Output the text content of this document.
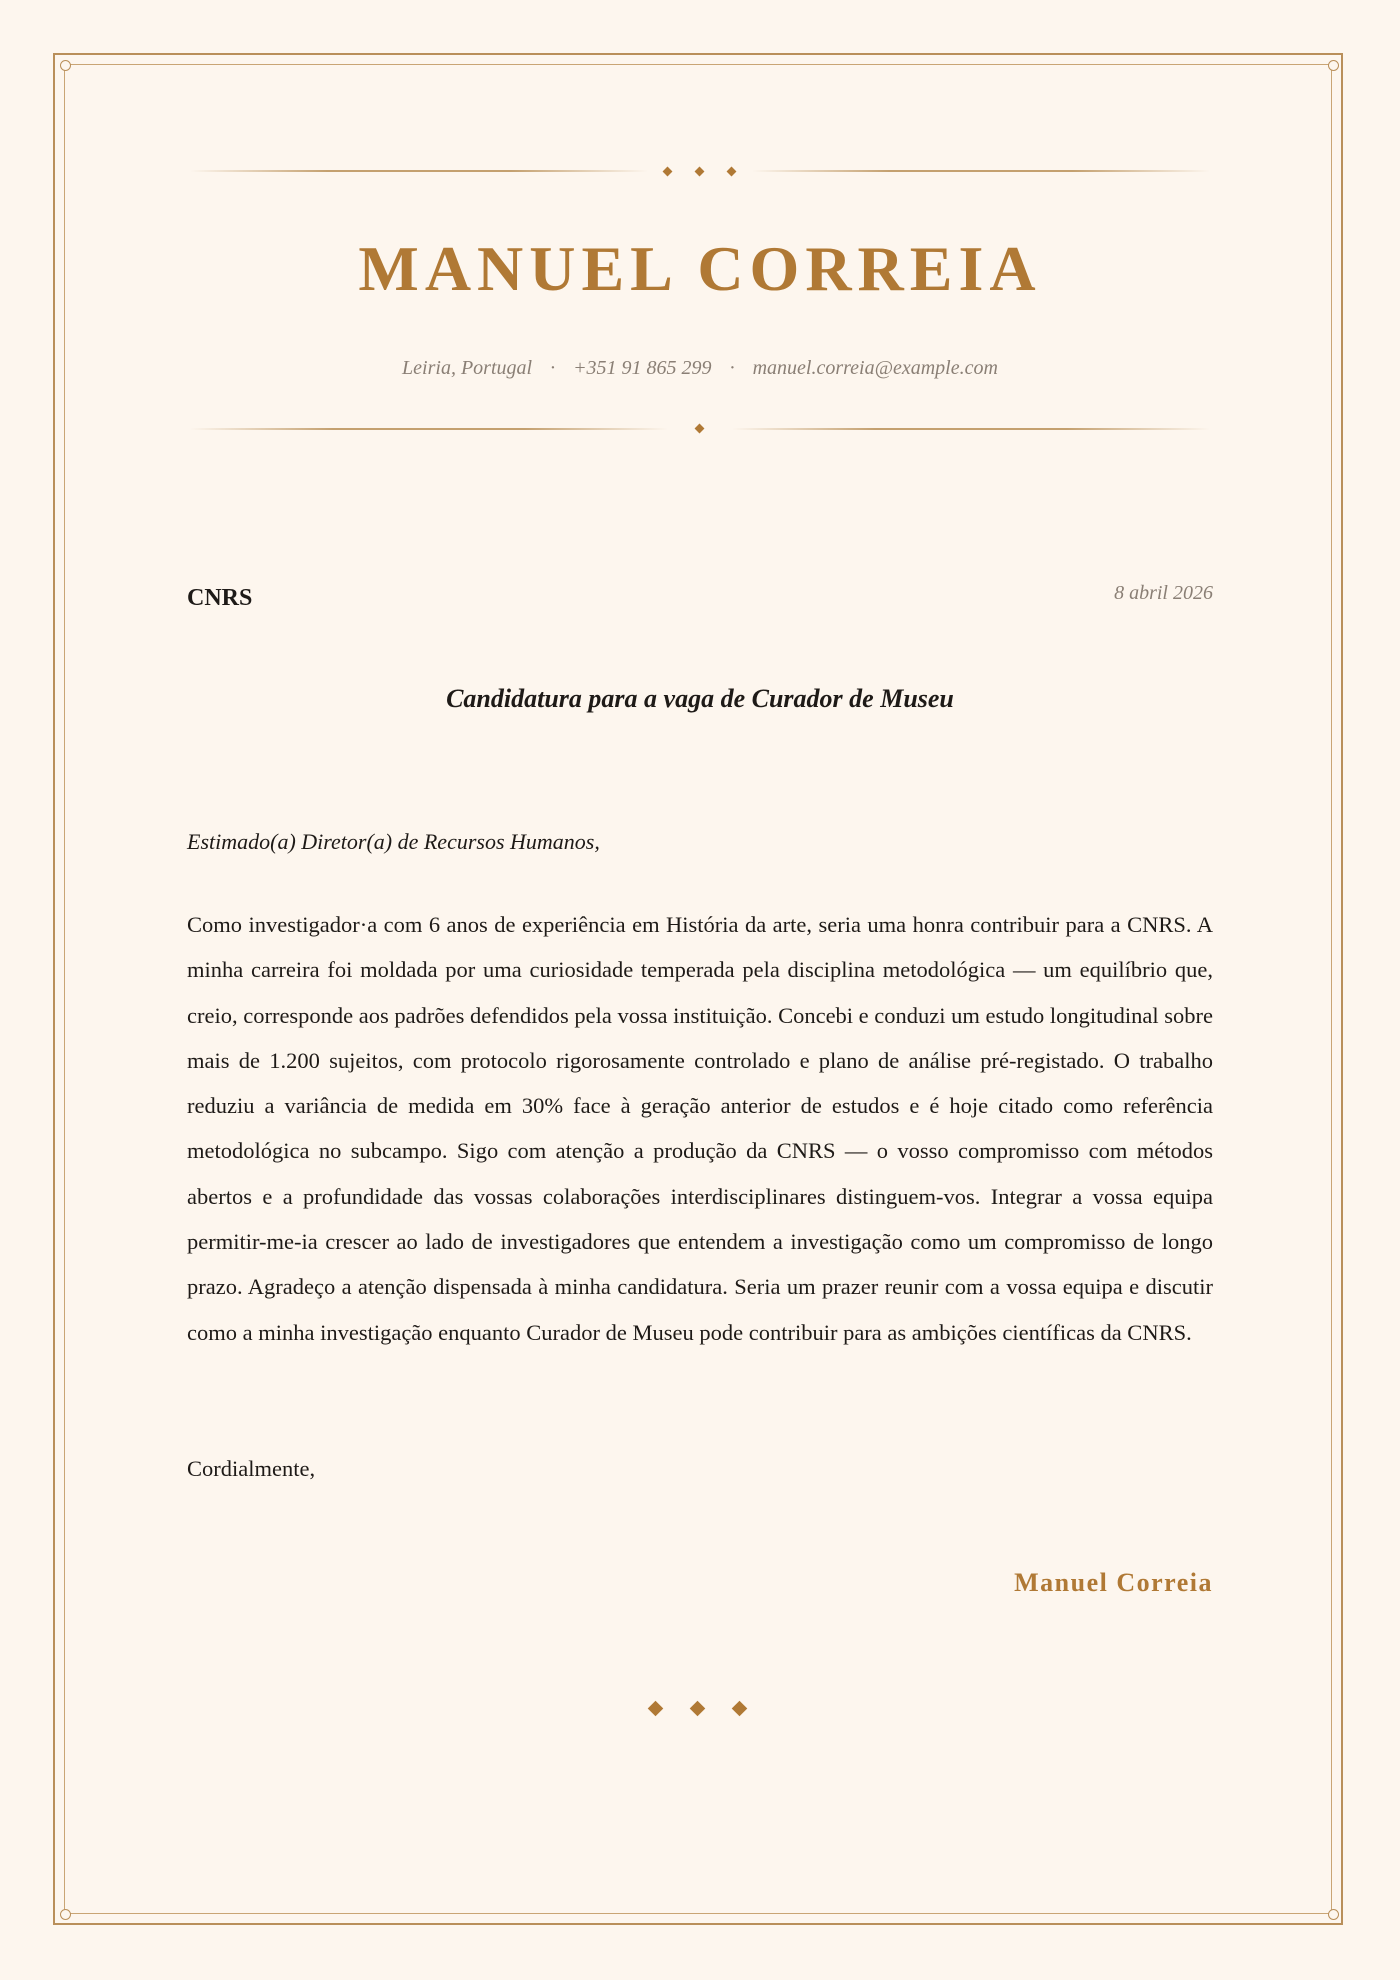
MANUEL CORREIA
Leiria, Portugal · +351 91 865 299 · manuel.correia@example.com
CNRS	8 abril 2026
Candidatura para a vaga de Curador de Museu
Estimado(a) Diretor(a) de Recursos Humanos,

Como investigador·a com 6 anos de experiência em História da arte, seria uma honra contribuir para a CNRS. A minha carreira foi moldada por uma curiosidade temperada pela disciplina metodológica — um equilíbrio que, creio, corresponde aos padrões defendidos pela vossa instituição. Concebi e conduzi um estudo longitudinal sobre mais de 1.200 sujeitos, com protocolo rigorosamente controlado e plano de análise pré-registado. O trabalho reduziu a variância de medida em 30% face à geração anterior de estudos e é hoje citado como referência metodológica no subcampo. Sigo com atenção a produção da CNRS — o vosso compromisso com métodos abertos e a profundidade das vossas colaborações interdisciplinares distinguem-vos. Integrar a vossa equipa permitir-me-ia crescer ao lado de investigadores que entendem a investigação como um compromisso de longo prazo. Agradeço a atenção dispensada à minha candidatura. Seria um prazer reunir com a vossa equipa e discutir como a minha investigação enquanto Curador de Museu pode contribuir para as ambições científicas da CNRS.

Cordialmente,
Manuel Correia
